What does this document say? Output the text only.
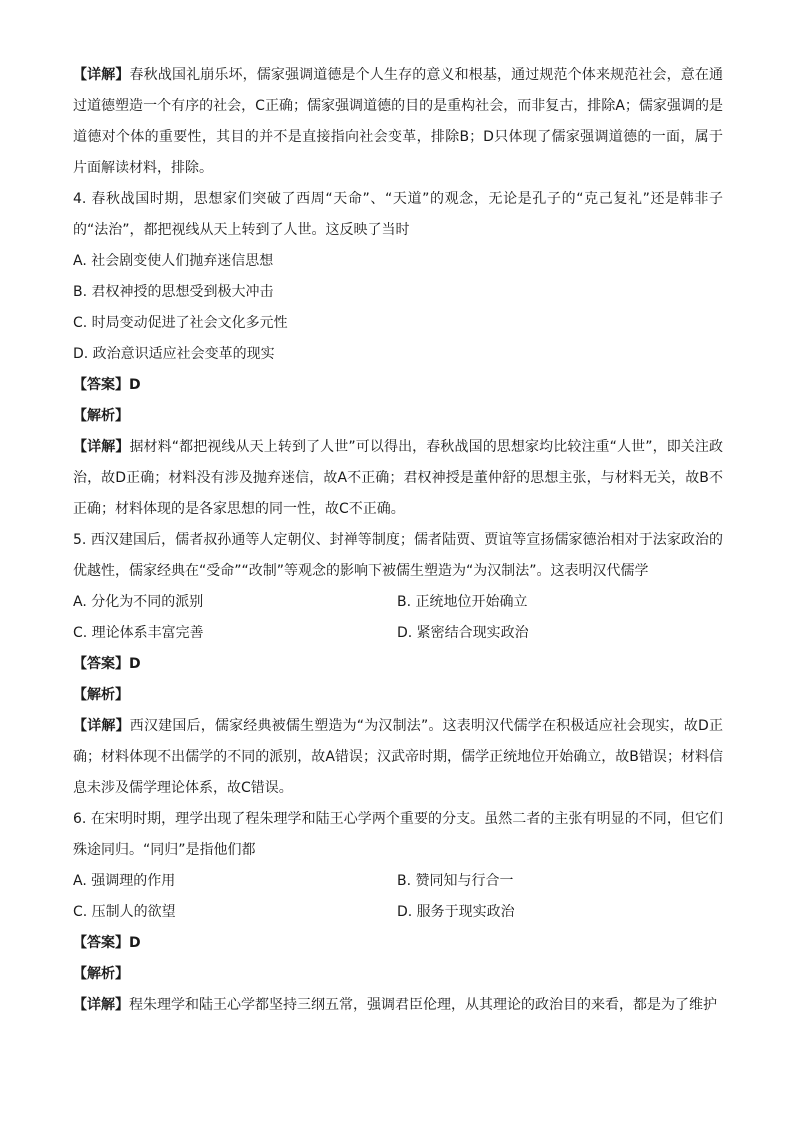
【详解】春秋战国礼崩乐坏，儒家强调道德是个人生存的意义和根基，通过规范个体来规范社会，意在通过道德塑造一个有序的社会，C正确；儒家强调道德的目的是重构社会，而非复古，排除A；儒家强调的是道德对个体的重要性，其目的并不是直接指向社会变革，排除B；D只体现了儒家强调道德的一面，属于片面解读材料，排除。
4. 春秋战国时期，思想家们突破了西周“天命”、“天道”的观念，无论是孔子的“克己复礼”还是韩非子的“法治”，都把视线从天上转到了人世。这反映了当时
A. 社会剧变使人们抛弃迷信思想
B. 君权神授的思想受到极大冲击
C. 时局变动促进了社会文化多元性
D. 政治意识适应社会变革的现实
【答案】D
【解析】
【详解】据材料“都把视线从天上转到了人世”可以得出，春秋战国的思想家均比较注重“人世”，即关注政治，故D正确；材料没有涉及抛弃迷信，故A不正确；君权神授是董仲舒的思想主张，与材料无关，故B不正确；材料体现的是各家思想的同一性，故C不正确。
5. 西汉建国后，儒者叔孙通等人定朝仪、封禅等制度；儒者陆贾、贾谊等宣扬儒家德治相对于法家政治的优越性，儒家经典在“受命”“改制”等观念的影响下被儒生塑造为“为汉制法”。这表明汉代儒学
A. 分化为不同的派别	B. 正统地位开始确立
C. 理论体系丰富完善	D. 紧密结合现实政治
【答案】D
【解析】
【详解】西汉建国后，儒家经典被儒生塑造为“为汉制法”。这表明汉代儒学在积极适应社会现实，故D正确；材料体现不出儒学的不同的派别，故A错误；汉武帝时期，儒学正统地位开始确立，故B错误；材料信息未涉及儒学理论体系，故C错误。
6. 在宋明时期，理学出现了程朱理学和陆王心学两个重要的分支。虽然二者的主张有明显的不同，但它们殊途同归。“同归”是指他们都
A. 强调理的作用	B. 赞同知与行合一
C. 压制人的欲望	D. 服务于现实政治
【答案】D
【解析】
【详解】程朱理学和陆王心学都坚持三纲五常，强调君臣伦理，从其理论的政治目的来看，都是为了维护
